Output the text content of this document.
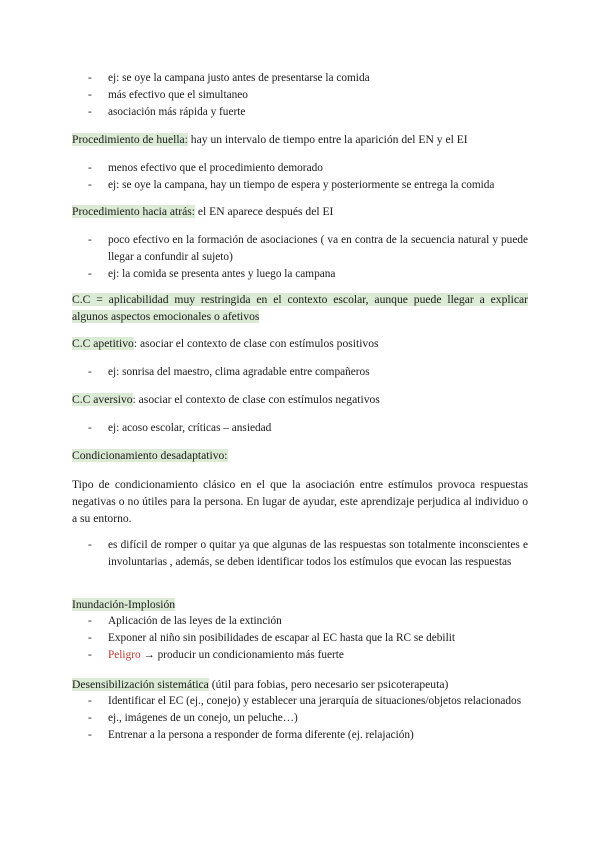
- ej: se oye la campana justo antes de presentarse la comida
- más efectivo que el simultaneo
- asociación más rápida y fuerte
Procedimiento de huella: hay un intervalo de tiempo entre la aparición del EN y el EI
- menos efectivo que el procedimiento demorado
- ej: se oye la campana, hay un tiempo de espera y posteriormente se entrega la comida
Procedimiento hacia atrás: el EN aparece después del EI
- poco efectivo en la formación de asociaciones ( va en contra de la secuencia natural y puede llegar a confundir al sujeto)
- ej: la comida se presenta antes y luego la campana
C.C = aplicabilidad muy restringida en el contexto escolar, aunque puede llegar a explicar algunos aspectos emocionales o afetivos
C.C apetitivo: asociar el contexto de clase con estímulos positivos
- ej: sonrisa del maestro, clima agradable entre compañeros
C.C aversivo: asociar el contexto de clase con estímulos negativos
- ej: acoso escolar, críticas – ansiedad
Condicionamiento desadaptativo:
Tipo de condicionamiento clásico en el que la asociación entre estímulos provoca respuestas negativas o no útiles para la persona. En lugar de ayudar, este aprendizaje perjudica al individuo o a su entorno.
- es difícil de romper o quitar ya que algunas de las respuestas son totalmente inconscientes e involuntarias , además, se deben identificar todos los estímulos que evocan las respuestas
Inundación-Implosión
- Aplicación de las leyes de la extinción
- Exponer al niño sin posibilidades de escapar al EC hasta que la RC se debilit
- Peligro → producir un condicionamiento más fuerte
Desensibilización sistemática (útil para fobias, pero necesario ser psicoterapeuta)
- Identificar el EC (ej., conejo) y establecer una jerarquía de situaciones/objetos relacionados
- ej., imágenes de un conejo, un peluche…)
- Entrenar a la persona a responder de forma diferente (ej. relajación)
